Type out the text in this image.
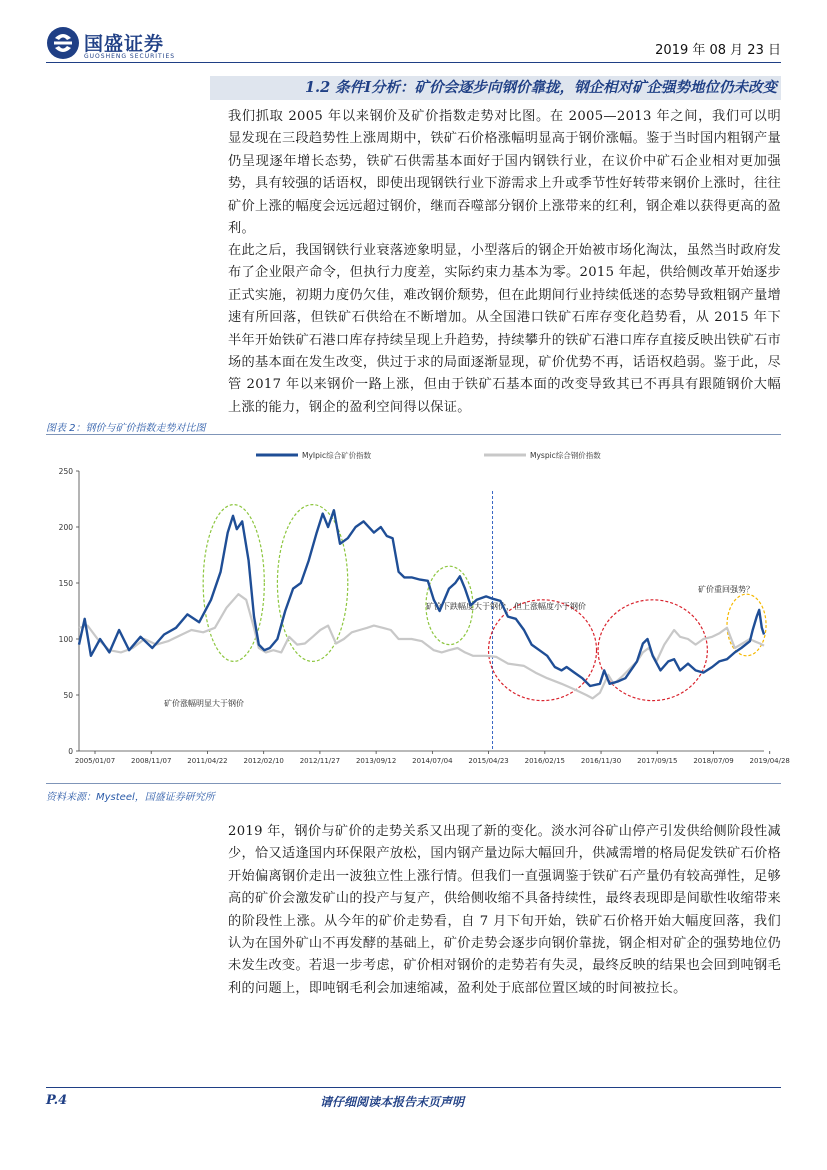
国盛证券
GUOSHENG SECURITIES	2019 年 08 月 23 日
1.2 条件Ⅰ分析：矿价会逐步向钢价靠拢，钢企相对矿企强势地位仍未改变
我们抓取 2005 年以来钢价及矿价指数走势对比图。在 2005—2013 年之间，我们可以明显发现在三段趋势性上涨周期中，铁矿石价格涨幅明显高于钢价涨幅。鉴于当时国内粗钢产量仍呈现逐年增长态势，铁矿石供需基本面好于国内钢铁行业，在议价中矿石企业相对更加强势，具有较强的话语权，即使出现钢铁行业下游需求上升或季节性好转带来钢价上涨时，往往矿价上涨的幅度会远远超过钢价，继而吞噬部分钢价上涨带来的红利，钢企难以获得更高的盈利。
在此之后，我国钢铁行业衰落迹象明显，小型落后的钢企开始被市场化淘汰，虽然当时政府发布了企业限产命令，但执行力度差，实际约束力基本为零。2015 年起，供给侧改革开始逐步正式实施，初期力度仍欠佳，难改钢价颓势，但在此期间行业持续低迷的态势导致粗钢产量增速有所回落，但铁矿石供给在不断增加。从全国港口铁矿石库存变化趋势看，从 2015 年下半年开始铁矿石港口库存持续呈现上升趋势，持续攀升的铁矿石港口库存直接反映出铁矿石市场的基本面在发生改变，供过于求的局面逐渐显现，矿价优势不再，话语权趋弱。鉴于此，尽管 2017 年以来钢价一路上涨，但由于铁矿石基本面的改变导致其已不再具有跟随钢价大幅上涨的能力，钢企的盈利空间得以保证。
图表 2：钢价与矿价指数走势对比图
0
50
100
150
200
250
2005/01/07 2008/11/07 2011/04/22 2012/02/10 2012/11/27 2013/09/12 2014/07/04 2015/04/23 2016/02/15 2016/11/30 2017/09/15 2018/07/09 2019/04/28
矿价涨幅明显大于钢价
矿价下跌幅度大于钢价，但上涨幅度小于钢价
矿价重回强势？
MyIpic综合矿价指数	Myspic综合钢价指数
资料来源：Mysteel，国盛证券研究所
2019 年，钢价与矿价的走势关系又出现了新的变化。淡水河谷矿山停产引发供给侧阶段性减少，恰又适逢国内环保限产放松，国内钢产量边际大幅回升，供减需增的格局促发铁矿石价格开始偏离钢价走出一波独立性上涨行情。但我们一直强调鉴于铁矿石产量仍有较高弹性，足够高的矿价会激发矿山的投产与复产，供给侧收缩不具备持续性，最终表现即是间歇性收缩带来的阶段性上涨。从今年的矿价走势看，自 7 月下旬开始，铁矿石价格开始大幅度回落，我们认为在国外矿山不再发酵的基础上，矿价走势会逐步向钢价靠拢，钢企相对矿企的强势地位仍未发生改变。若退一步考虑，矿价相对钢价的走势若有失灵，最终反映的结果也会回到吨钢毛利的问题上，即吨钢毛利会加速缩减，盈利处于底部位置区域的时间被拉长。
P.4	请仔细阅读本报告末页声明
